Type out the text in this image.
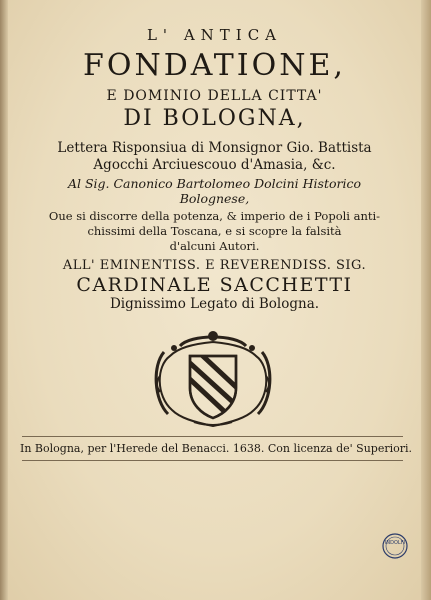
L' ANTICA
FONDATIONE,
E DOMINIO DELLA CITTA'
DI BOLOGNA,
Lettera Risponsiua di Monsignor Gio. Battista
Agocchi Arciuescouo d'Amasia, &c.
Al Sig. Canonico Bartolomeo Dolcini Historico
Bolognese,
Oue si discorre della potenza, & imperio de i Popoli anti-
chissimi della Toscana, e si scopre la falsità
d'alcuni Autori.
ALL' EMINENTISS. E REVERENDISS. SIG.
CARDINALE SACCHETTI
Dignissimo Legato di Bologna.
In Bologna, per l'Herede del Benacci. 1638. Con licenza de' Superiori.
INDOLFI
